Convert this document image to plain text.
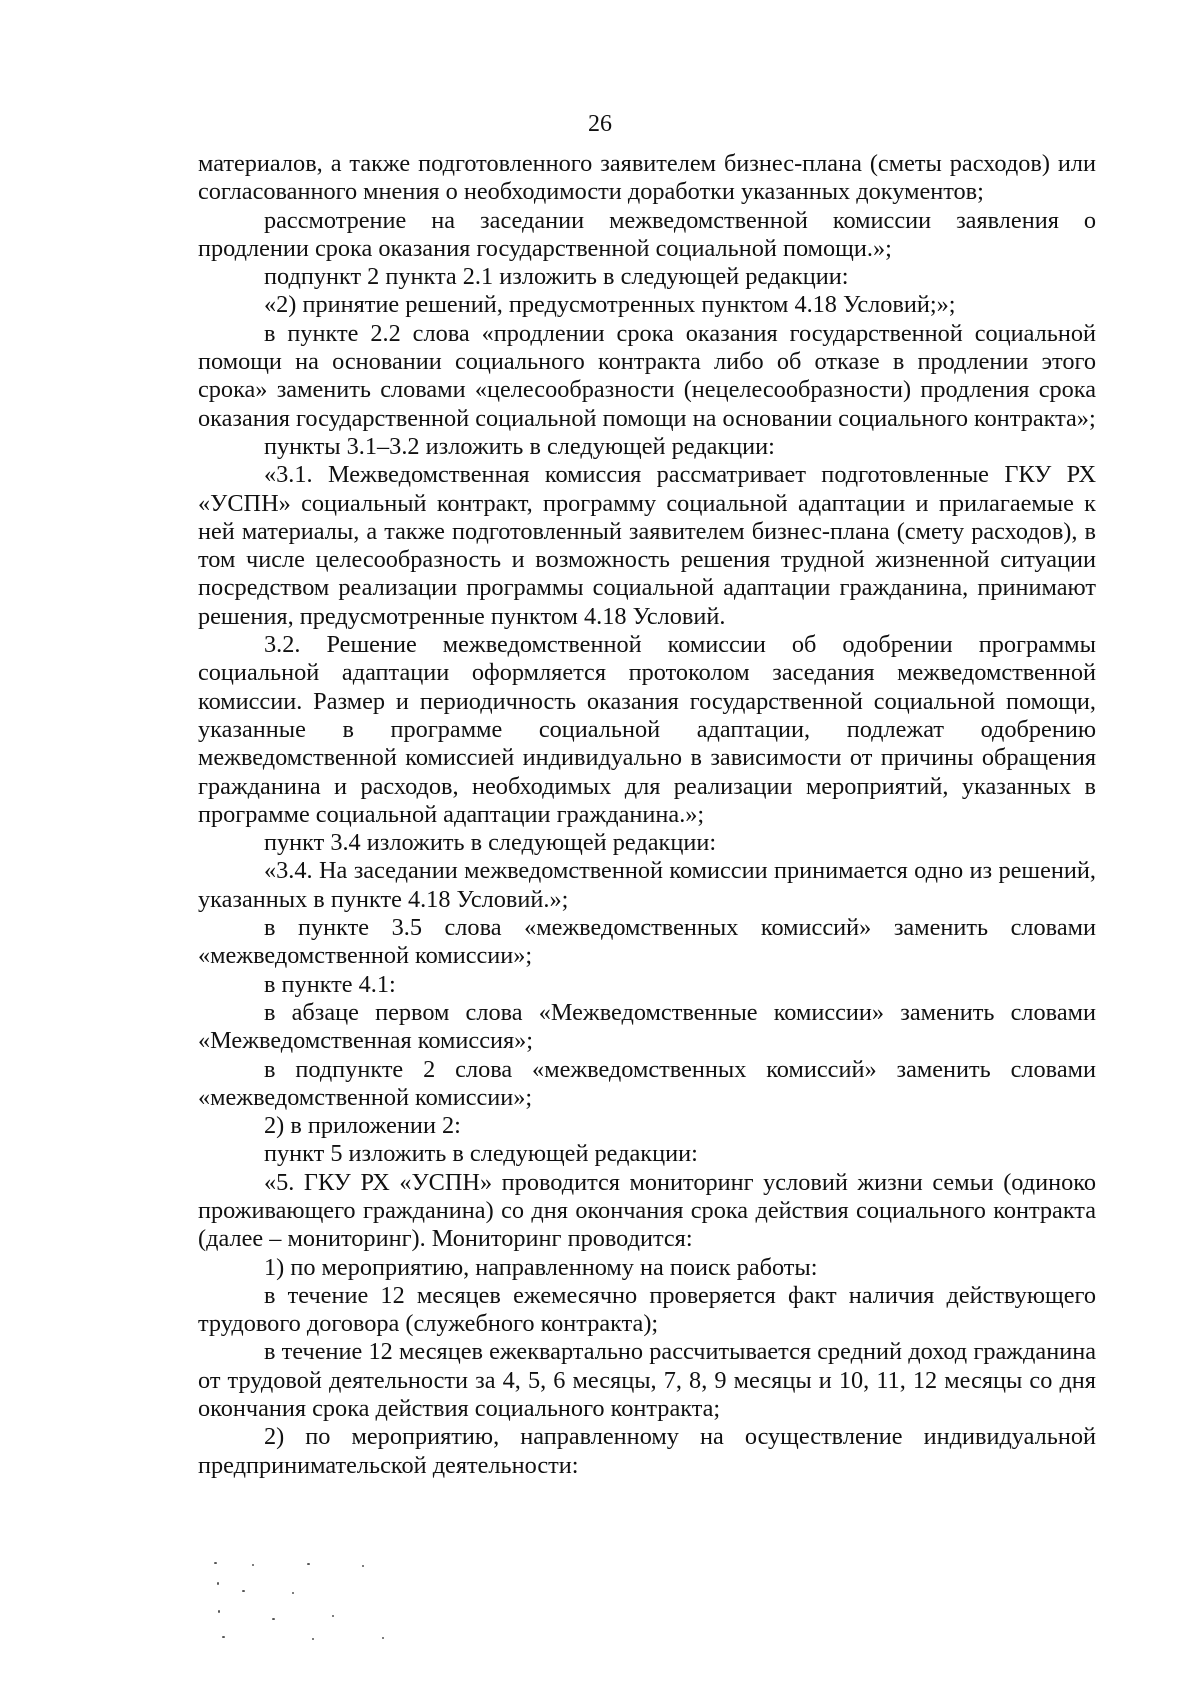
26

материалов, а также подготовленного заявителем бизнес-плана (сметы расходов) или согласованного мнения о необходимости доработки указанных документов;

рассмотрение на заседании межведомственной комиссии заявления о продлении срока оказания государственной социальной помощи.»;

подпункт 2 пункта 2.1 изложить в следующей редакции:

«2) принятие решений, предусмотренных пунктом 4.18 Условий;»;

в пункте 2.2 слова «продлении срока оказания государственной социальной помощи на основании социального контракта либо об отказе в продлении этого срока» заменить словами «целесообразности (нецелесообразности) продления срока оказания государственной социальной помощи на основании социального контракта»;

пункты 3.1–3.2 изложить в следующей редакции:

«3.1. Межведомственная комиссия рассматривает подготовленные ГКУ РХ «УСПН» социальный контракт, программу социальной адаптации и прилагаемые к ней материалы, а также подготовленный заявителем бизнес-плана (смету расходов), в том числе целесообразность и возможность решения трудной жизненной ситуации посредством реализации программы социальной адаптации гражданина, принимают решения, предусмотренные пунктом 4.18 Условий.

3.2. Решение межведомственной комиссии об одобрении программы социальной адаптации оформляется протоколом заседания межведомственной комиссии. Размер и периодичность оказания государственной социальной помощи, указанные в программе социальной адаптации, подлежат одобрению межведомственной комиссией индивидуально в зависимости от причины обращения гражданина и расходов, необходимых для реализации мероприятий, указанных в программе социальной адаптации гражданина.»;

пункт 3.4 изложить в следующей редакции:

«3.4. На заседании межведомственной комиссии принимается одно из решений, указанных в пункте 4.18 Условий.»;

в пункте 3.5 слова «межведомственных комиссий» заменить словами «межведомственной комиссии»;

в пункте 4.1:

в абзаце первом слова «Межведомственные комиссии» заменить словами «Межведомственная комиссия»;

в подпункте 2 слова «межведомственных комиссий» заменить словами «межведомственной комиссии»;

2) в приложении 2:

пункт 5 изложить в следующей редакции:

«5. ГКУ РХ «УСПН» проводится мониторинг условий жизни семьи (одиноко проживающего гражданина) со дня окончания срока действия социального контракта (далее – мониторинг). Мониторинг проводится:

1) по мероприятию, направленному на поиск работы:

в течение 12 месяцев ежемесячно проверяется факт наличия действующего трудового договора (служебного контракта);

в течение 12 месяцев ежеквартально рассчитывается средний доход гражданина от трудовой деятельности за 4, 5, 6 месяцы, 7, 8, 9 месяцы и 10, 11, 12 месяцы со дня окончания срока действия социального контракта;

2) по мероприятию, направленному на осуществление индивидуальной предпринимательской деятельности:
